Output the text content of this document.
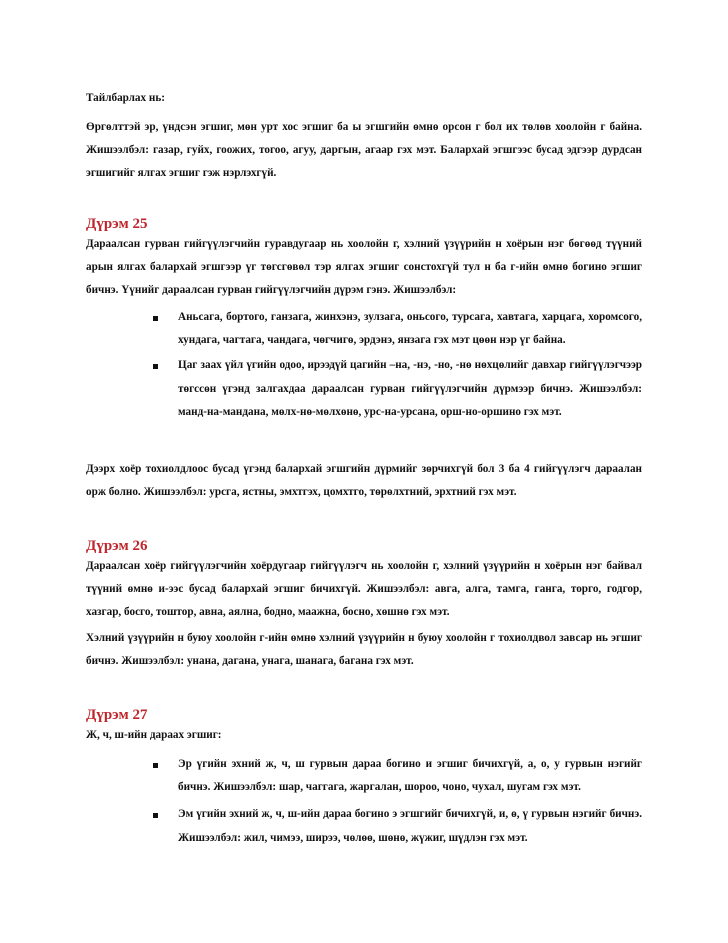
Тайлбарлах нь:

Өргөлттэй эр, үндсэн эгшиг, мөн урт хос эгшиг ба ы эгшгийн өмнө орсон г бол их төлөв хоолойн г байна. Жишээлбэл: газар, гуйх, гоожих, тогоо, агуу, даргын, агаар гэх мэт. Балархай эгшгээс бусад эдгээр дурдсан эгшигийг ялгах эгшиг гэж нэрлэхгүй.

Дүрэм 25

Дараалсан гурван гийгүүлэгчийн гуравдугаар нь хоолойн г, хэлний үзүүрийн н хоёрын нэг бөгөөд түүний арын ялгах балархай эгшгээр үг төгсгөвөл тэр ялгах эгшиг сонстохгүй тул н ба г-ийн өмнө богино эгшиг бичнэ. Үүнийг дараалсан гурван гийгүүлэгчийн дүрэм гэнэ. Жишээлбэл:

Аньсага, бортого, ганзага, жинхэнэ, зулзага, оньсого, турсага, хавтага, харцага, хоромсого, хундага, чагтага, чандага, чөгчигө, эрдэнэ, янзага гэх мэт цөөн нэр үг байна.

Цаг заах үйл үгийн одоо, ирээдүй цагийн –на, -нэ, -но, -нө нөхцөлийг давхар гийгүүлэгчээр төгссөн үгэнд залгахдаа дараалсан гурван гийгүүлэгчийн дүрмээр бичнэ. Жишээлбэл: манд-на-мандана, мөлх-нө-мөлхөнө, урс-на-урсана, орш-но-оршино гэх мэт.

Дээрх хоёр тохиолдлоос бусад үгэнд балархай эгшгийн дүрмийг зөрчихгүй бол 3 ба 4 гийгүүлэгч дараалан орж болно. Жишээлбэл: урсга, ястны, эмхтгэх, цомхтго, төрөлхтний, эрхтний гэх мэт.

Дүрэм 26

Дараалсан хоёр гийгүүлэгчийн хоёрдугаар гийгүүлэгч нь хоолойн г, хэлний үзүүрийн н хоёрын нэг байвал түүний өмнө и-ээс бусад балархай эгшиг бичихгүй. Жишээлбэл: авга, алга, тамга, ганга, торго, годгор, хазгар, босго, тоштор, авна, аялна, бодно, маажна, босно, хөшнө гэх мэт.

Хэлний үзүүрийн н буюу хоолойн г-ийн өмнө хэлний үзүүрийн н буюу хоолойн г тохиолдвол завсар нь эгшиг бичнэ. Жишээлбэл: унана, дагана, унага, шанага, багана гэх мэт.

Дүрэм 27

Ж, ч, ш-ийн дараах эгшиг:

Эр үгийн эхний ж, ч, ш гурвын дараа богино и эгшиг бичихгүй, а, о, у гурвын нэгийг бичнэ. Жишээлбэл: шар, чаггага, жаргалан, шороо, чоно, чухал, шугам гэх мэт.

Эм үгийн эхний ж, ч, ш-ийн дараа богино э эгшгийг бичихгүй, и, ө, ү гурвын нэгийг бичнэ. Жишээлбэл: жил, чимээ, ширээ, чөлөө, шөнө, жүжиг, шүдлэн гэх мэт.
